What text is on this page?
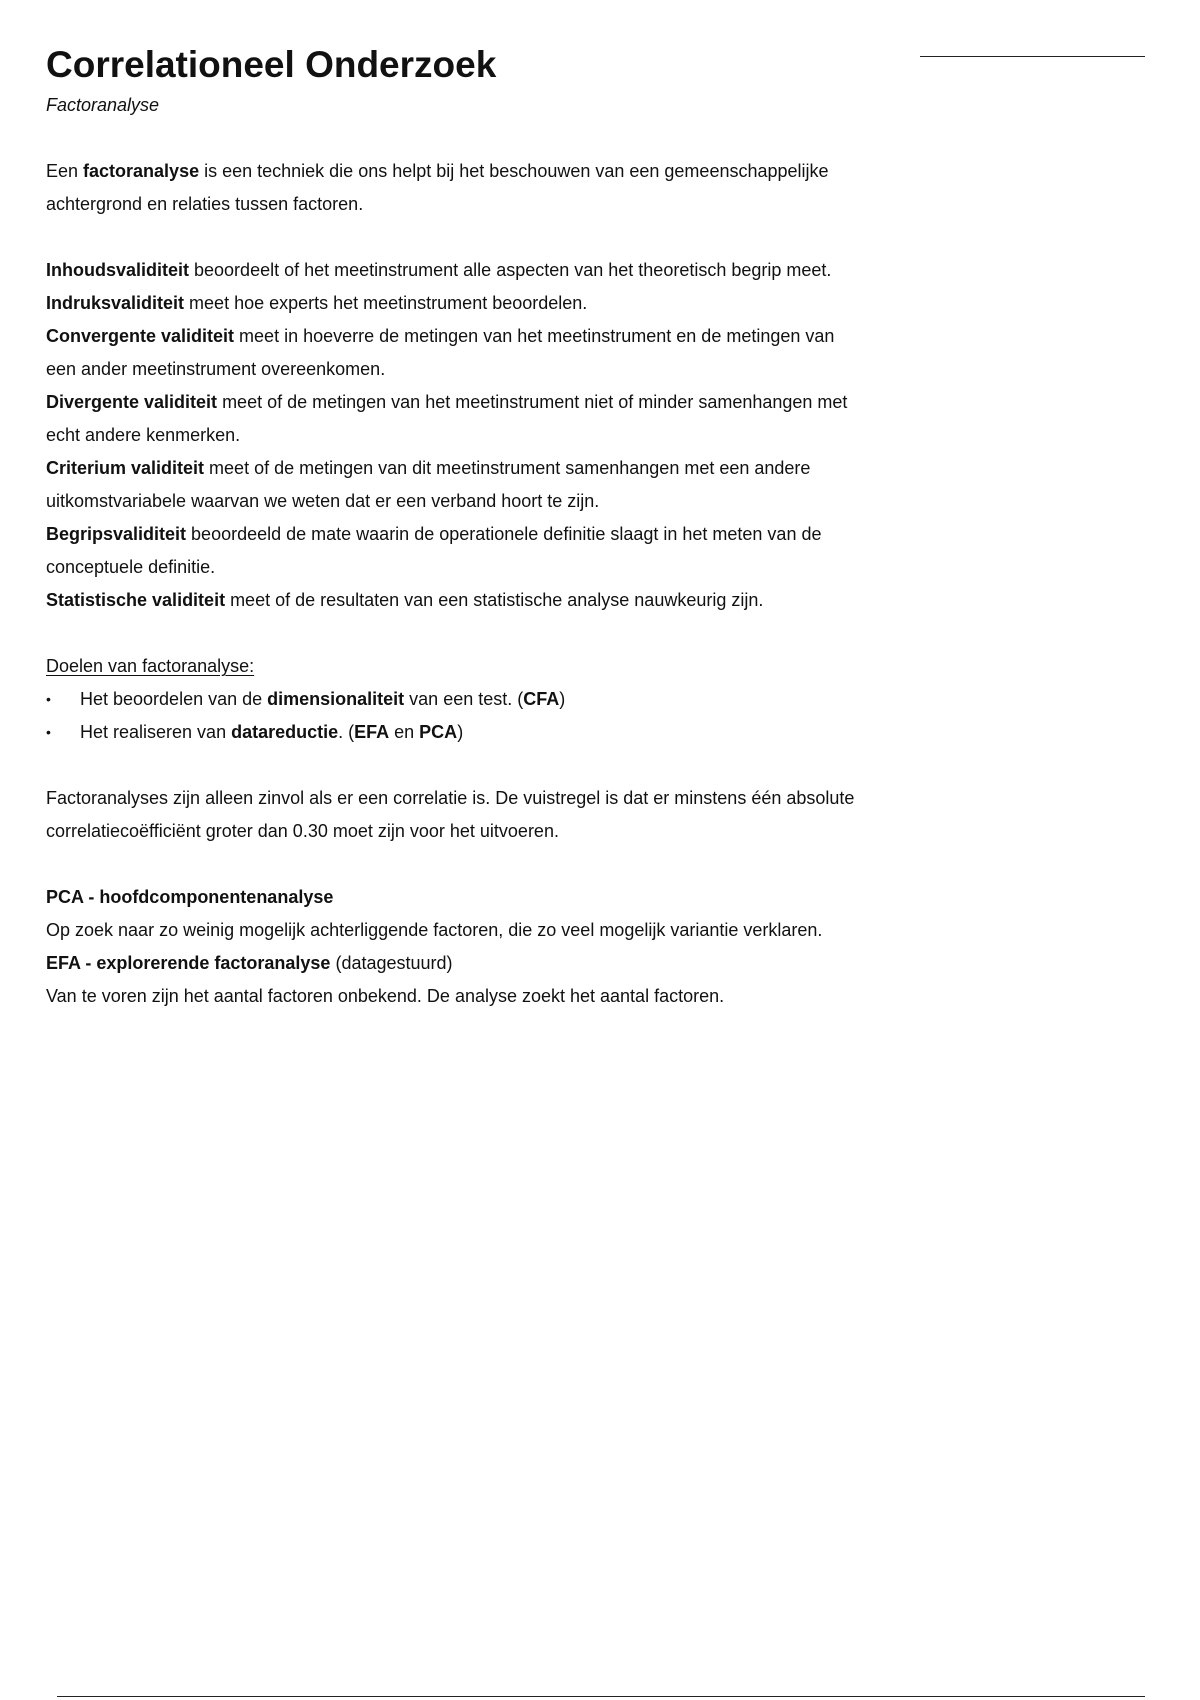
Correlationeel Onderzoek

Factoranalyse

Een factoranalyse is een techniek die ons helpt bij het beschouwen van een gemeenschappelijke achtergrond en relaties tussen factoren.

Inhoudsvaliditeit beoordeelt of het meetinstrument alle aspecten van het theoretisch begrip meet.

Indruksvaliditeit meet hoe experts het meetinstrument beoordelen.

Convergente validiteit meet in hoeverre de metingen van het meetinstrument en de metingen van een ander meetinstrument overeenkomen.

Divergente validiteit meet of de metingen van het meetinstrument niet of minder samenhangen met echt andere kenmerken.

Criterium validiteit meet of de metingen van dit meetinstrument samenhangen met een andere uitkomstvariabele waarvan we weten dat er een verband hoort te zijn.

Begripsvaliditeit beoordeeld de mate waarin de operationele definitie slaagt in het meten van de conceptuele definitie.

Statistische validiteit meet of de resultaten van een statistische analyse nauwkeurig zijn.

Doelen van factoranalyse:

• Het beoordelen van de dimensionaliteit van een test. (CFA)
• Het realiseren van datareductie. (EFA en PCA)

Factoranalyses zijn alleen zinvol als er een correlatie is. De vuistregel is dat er minstens één absolute correlatiecoëfficiënt groter dan 0.30 moet zijn voor het uitvoeren.

PCA - hoofdcomponentenanalyse

Op zoek naar zo weinig mogelijk achterliggende factoren, die zo veel mogelijk variantie verklaren.

EFA - explorerende factoranalyse (datagestuurd)

Van te voren zijn het aantal factoren onbekend. De analyse zoekt het aantal factoren.
